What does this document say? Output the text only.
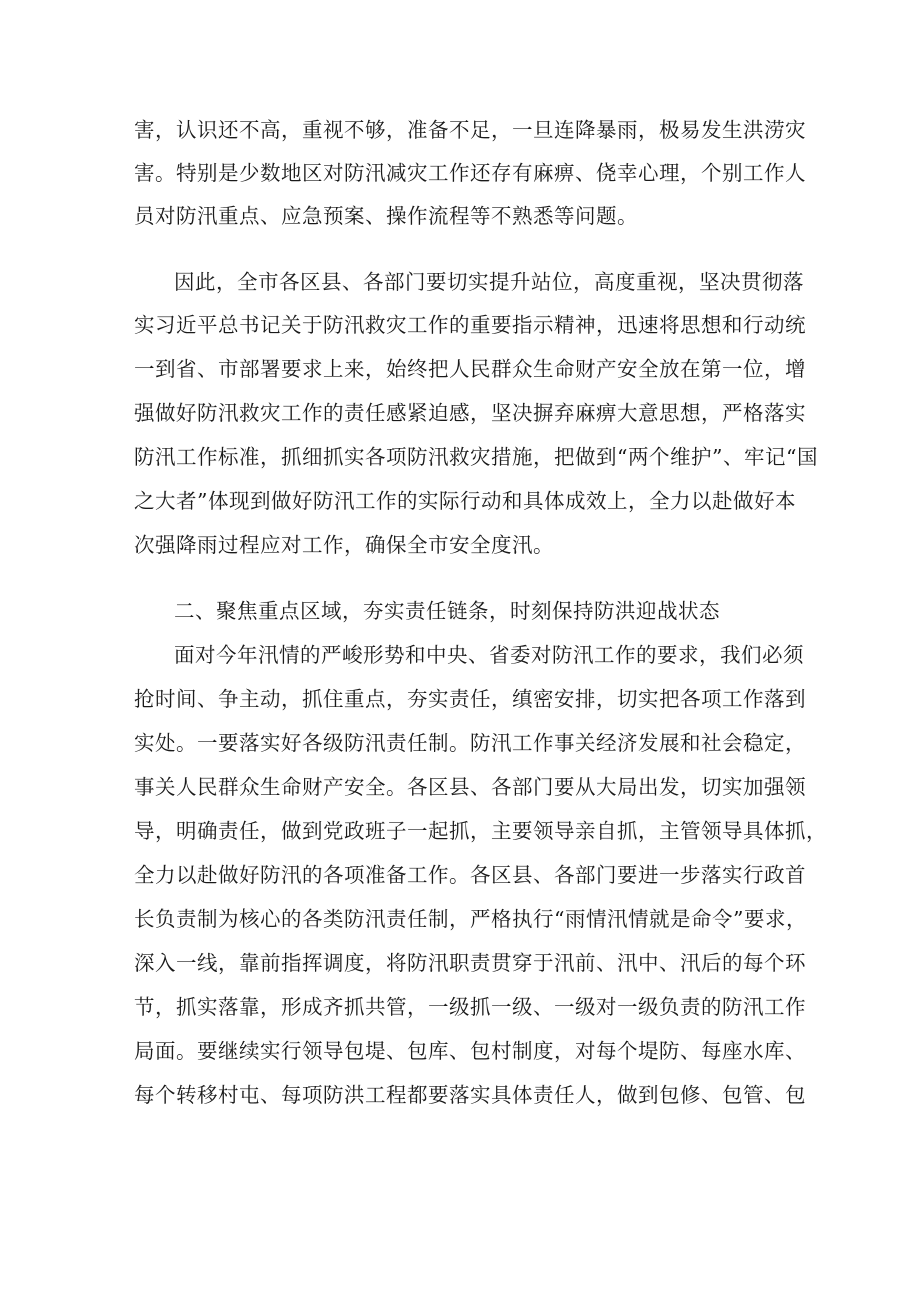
害，认识还不高，重视不够，准备不足，一旦连降暴雨，极易发生洪涝灾
害。特别是少数地区对防汛减灾工作还存有麻痹、侥幸心理，个别工作人
员对防汛重点、应急预案、操作流程等不熟悉等问题。
因此，全市各区县、各部门要切实提升站位，高度重视，坚决贯彻落
实习近平总书记关于防汛救灾工作的重要指示精神，迅速将思想和行动统
一到省、市部署要求上来，始终把人民群众生命财产安全放在第一位，增
强做好防汛救灾工作的责任感紧迫感，坚决摒弃麻痹大意思想，严格落实
防汛工作标准，抓细抓实各项防汛救灾措施，把做到“两个维护”、牢记“国
之大者”体现到做好防汛工作的实际行动和具体成效上，全力以赴做好本
次强降雨过程应对工作，确保全市安全度汛。
二、聚焦重点区域，夯实责任链条，时刻保持防洪迎战状态
面对今年汛情的严峻形势和中央、省委对防汛工作的要求，我们必须
抢时间、争主动，抓住重点，夯实责任，缜密安排，切实把各项工作落到
实处。一要落实好各级防汛责任制。防汛工作事关经济发展和社会稳定，
事关人民群众生命财产安全。各区县、各部门要从大局出发，切实加强领
导，明确责任，做到党政班子一起抓，主要领导亲自抓，主管领导具体抓，
全力以赴做好防汛的各项准备工作。各区县、各部门要进一步落实行政首
长负责制为核心的各类防汛责任制，严格执行“雨情汛情就是命令”要求，
深入一线，靠前指挥调度，将防汛职责贯穿于汛前、汛中、汛后的每个环
节，抓实落靠，形成齐抓共管，一级抓一级、一级对一级负责的防汛工作
局面。要继续实行领导包堤、包库、包村制度，对每个堤防、每座水库、
每个转移村屯、每项防洪工程都要落实具体责任人，做到包修、包管、包
